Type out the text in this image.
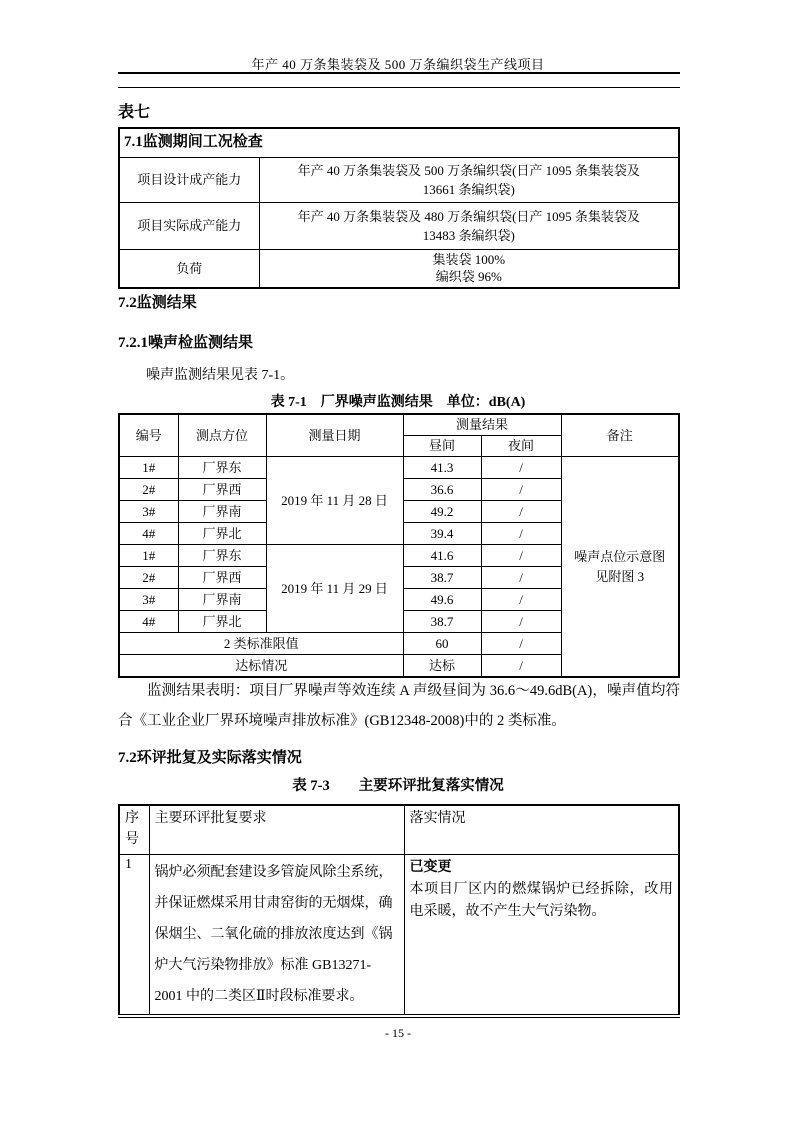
年产 40 万条集装袋及 500 万条编织袋生产线项目
表七
7.1监测期间工况检查	
项目设计成产能力	年产 40 万条集装袋及 500 万条编织袋(日产 1095 条集装袋及
13661 条编织袋)

项目实际成产能力	年产 40 万条集装袋及 480 万条编织袋(日产 1095 条集装袋及
13483 条编织袋)

负荷	集装袋 100%
编织袋 96%
7.2监测结果
7.2.1噪声检监测结果
噪声监测结果见表 7-1。
表 7-1　厂界噪声监测结果　单位：dB(A)
编号	测点方位	测量日期	测量结果		备注
			昼间	夜间	
1#	厂界东	2019 年 11 月 28 日	41.3	/	噪声点位示意图
见附图 3

2#	厂界西		36.6	/	
3#	厂界南		49.2	/	
4#	厂界北		39.4	/	
1#	厂界东	2019 年 11 月 29 日	41.6	/	
2#	厂界西		38.7	/	
3#	厂界南		49.6	/	
4#	厂界北		38.7	/	
2 类标准限值			60	/	
达标情况			达标	/	
监测结果表明：项目厂界噪声等效连续 A 声级昼间为 36.6～49.6dB(A)，噪声值均符合《工业企业厂界环境噪声排放标准》(GB12348-2008)中的 2 类标准。
7.2环评批复及实际落实情况
表 7-3　　主要环评批复落实情况
序号	主要环评批复要求	落实情况
1	锅炉必须配套建设多管旋风除尘系统，并保证燃煤采用甘肃窑街的无烟煤，确保烟尘、二氧化硫的排放浓度达到《锅炉大气污染物排放》标准 GB13271-2001 中的二类区Ⅱ时段标准要求。	已变更
本项目厂区内的燃煤锅炉已经拆除，改用电采暖，故不产生大气污染物。
- 15 -
